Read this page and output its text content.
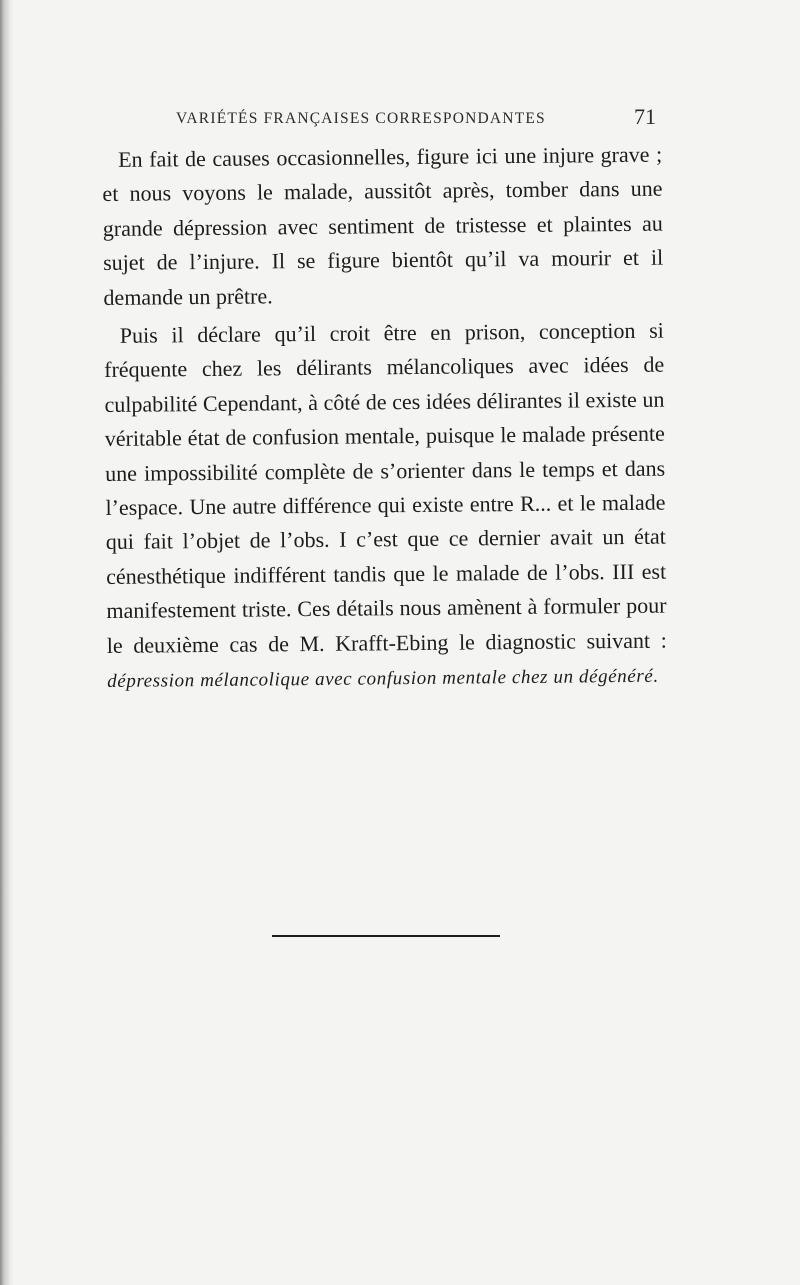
VARIÉTÉS FRANÇAISES CORRESPONDANTES	71

En fait de causes occasionnelles, figure ici une injure grave ; et nous voyons le malade, aussitôt après, tomber dans une grande dépression avec sentiment de tristesse et plaintes au sujet de l’injure. Il se figure bientôt qu’il va mourir et il demande un prêtre.

Puis il déclare qu’il croit être en prison, conception si fréquente chez les délirants mélancoliques avec idées de culpabilité Cependant, à côté de ces idées délirantes il existe un véritable état de confusion mentale, puisque le malade présente une impossibilité complète de s’orienter dans le temps et dans l’espace. Une autre différence qui existe entre R... et le malade qui fait l’objet de l’obs. I c’est que ce dernier avait un état cénesthétique indifférent tandis que le malade de l’obs. III est manifestement triste. Ces détails nous amènent à formuler pour le deuxième cas de M. Krafft-Ebing le diagnostic suivant : dépression mélancolique avec confusion mentale chez un dégénéré.
